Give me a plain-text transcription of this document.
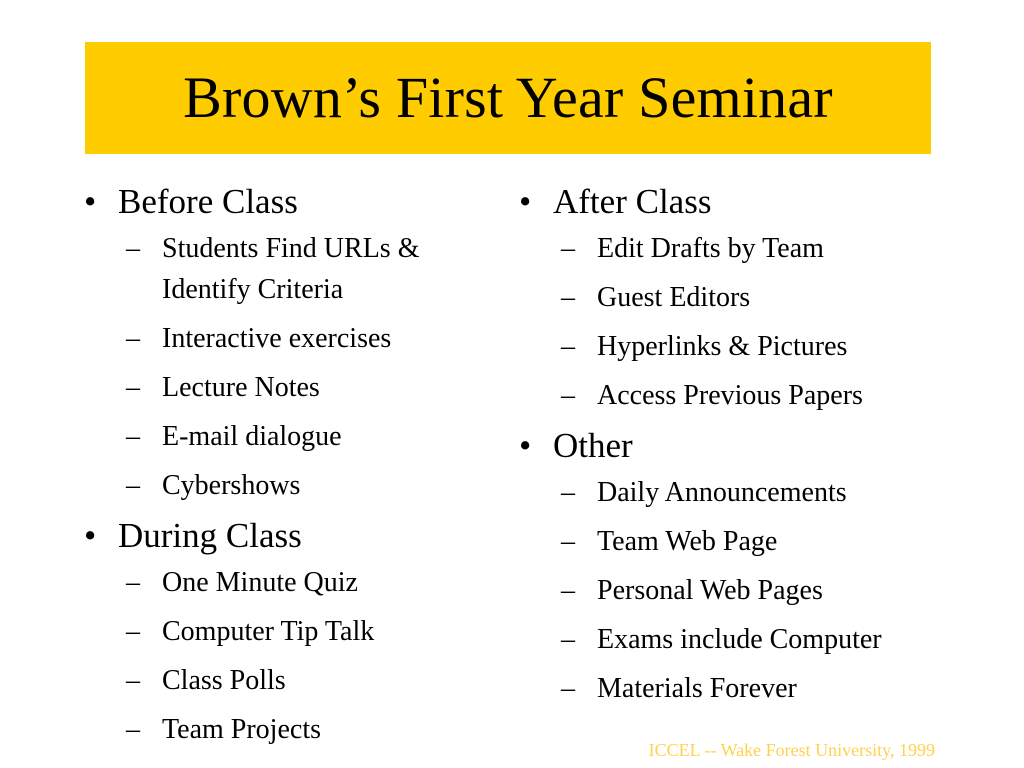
Brown’s First Year Seminar
• Before Class
– Students Find URLs & Identify Criteria
– Interactive exercises
– Lecture Notes
– E-mail dialogue
– Cybershows
• During Class
– One Minute Quiz
– Computer Tip Talk
– Class Polls
– Team Projects
• After Class
– Edit Drafts by Team
– Guest Editors
– Hyperlinks & Pictures
– Access Previous Papers
• Other
– Daily Announcements
– Team Web Page
– Personal Web Pages
– Exams include Computer
– Materials Forever
ICCEL -- Wake Forest University, 1999
